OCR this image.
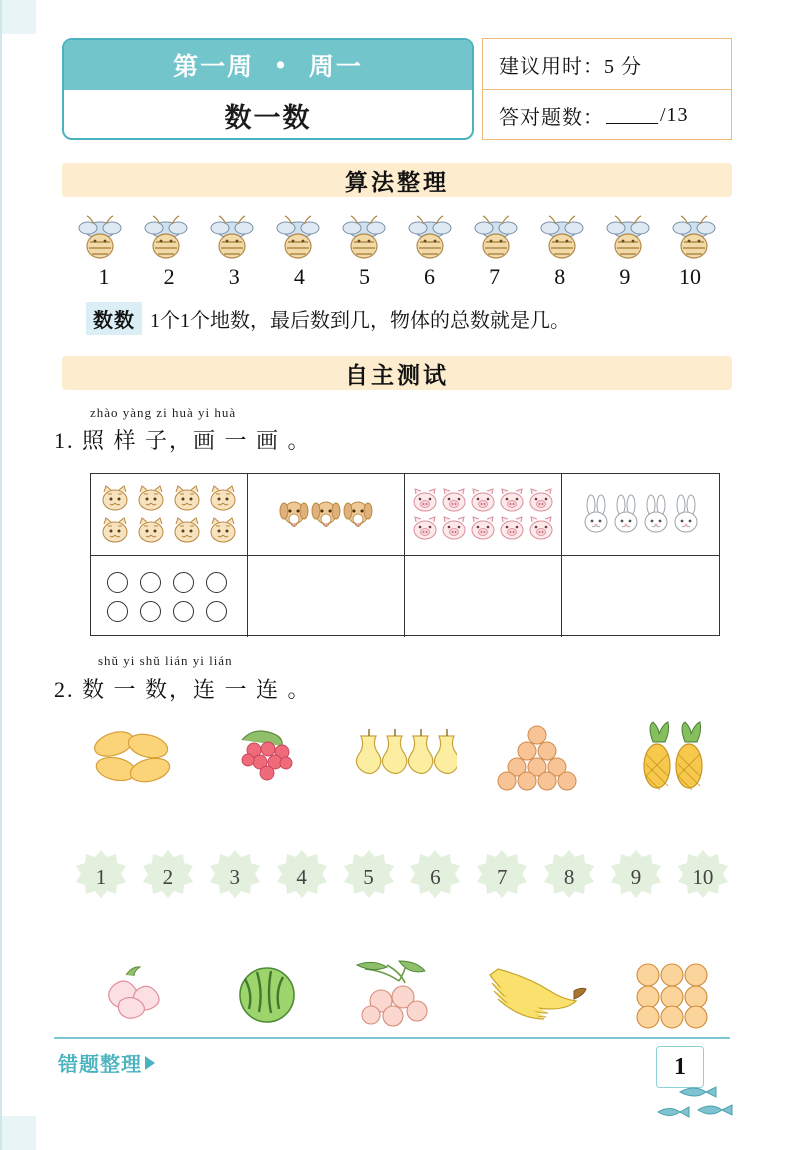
第一周 • 周一
数一数
建议用时：5 分
答对题数：	/13
算法整理
1	2	3	4	5	6	7	8	9	10
数数 1个1个地数，最后数到几，物体的总数就是几。
自主测试
zhào yàng zi huà yi huà
1. 照 样 子，画 一 画 。
shǔ yi shǔ lián yi lián
2. 数 一 数，连 一 连 。
1	2	3	4	5	6	7	8	9 10
错题整理	1
